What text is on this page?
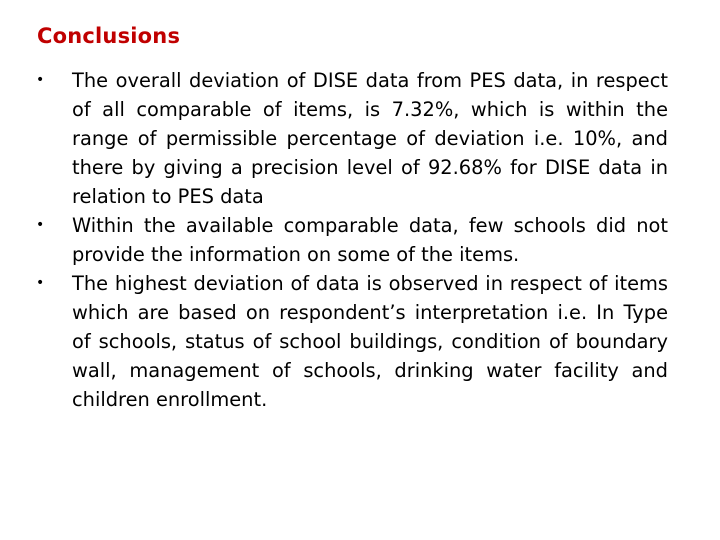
Conclusions
• The overall deviation of DISE data from PES data, in respect of all comparable of items, is 7.32%, which is within the range of permissible percentage of deviation i.e. 10%, and there by giving a precision level of 92.68% for DISE data in relation to PES data
• Within the available comparable data, few schools did not provide the information on some of the items.
• The highest deviation of data is observed in respect of items which are based on respondent’s interpretation i.e. In Type of schools, status of school buildings, condition of boundary wall, management of schools, drinking water facility and children enrollment.
